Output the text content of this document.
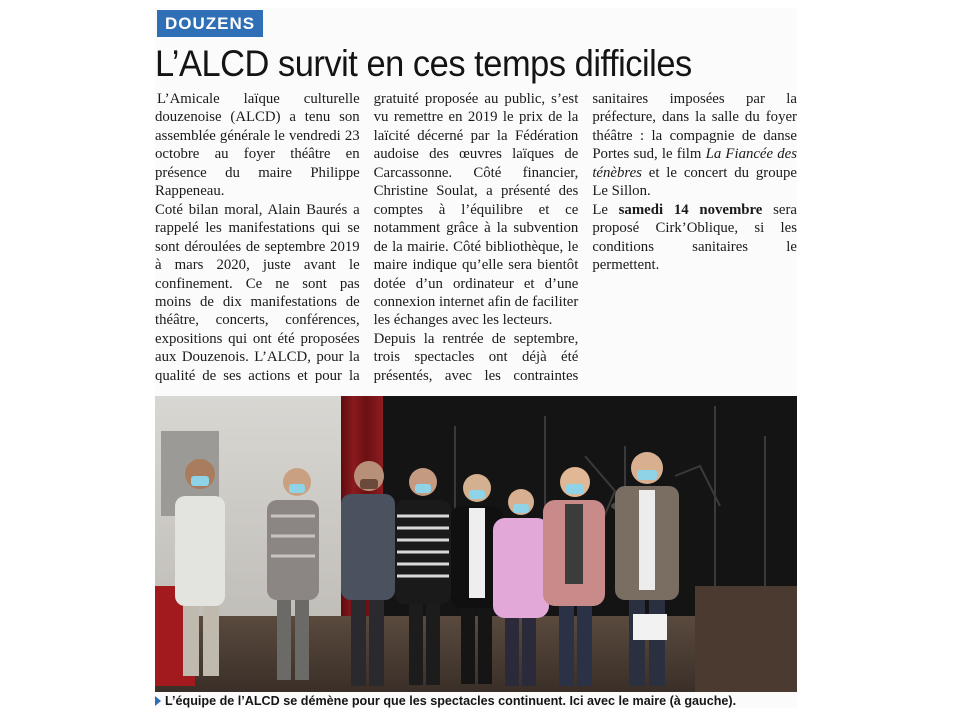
DOUZENS
L’ALCD survit en ces temps difficiles

L’Amicale laïque culturelle douzenoise (ALCD) a tenu son assemblée générale le vendredi 23 octobre au foyer théâtre en présence du maire Philippe Rappeneau.

Coté bilan moral, Alain Baurés a rappelé les manifestations qui se sont déroulées de septembre 2019 à mars 2020, juste avant le confinement. Ce ne sont pas moins de dix manifestations de théâtre, concerts, conférences, expositions qui ont été proposées aux Douzenois. L’ALCD, pour la qualité de ses actions et pour la gratuité proposée au public, s’est vu remettre en 2019 le prix de la laïcité décerné par la Fédération audoise des œuvres laïques de Carcassonne. Côté financier, Christine Soulat, a présenté des comptes à l’équilibre et ce notamment grâce à la subvention de la mairie. Côté bibliothèque, le maire indique qu’elle sera bientôt dotée d’un ordinateur et d’une connexion internet afin de faciliter les échanges avec les lecteurs.

Depuis la rentrée de septembre, trois spectacles ont déjà été présentés, avec les contraintes sanitaires imposées par la préfecture, dans la salle du foyer théâtre : la compagnie de danse Portes sud, le film La Fiancée des ténèbres et le concert du groupe Le Sillon.

Le samedi 14 novembre sera proposé Cirk’Oblique, si les conditions sanitaires le permettent.

L’équipe de l’ALCD se démène pour que les spectacles continuent. Ici avec le maire (à gauche).
